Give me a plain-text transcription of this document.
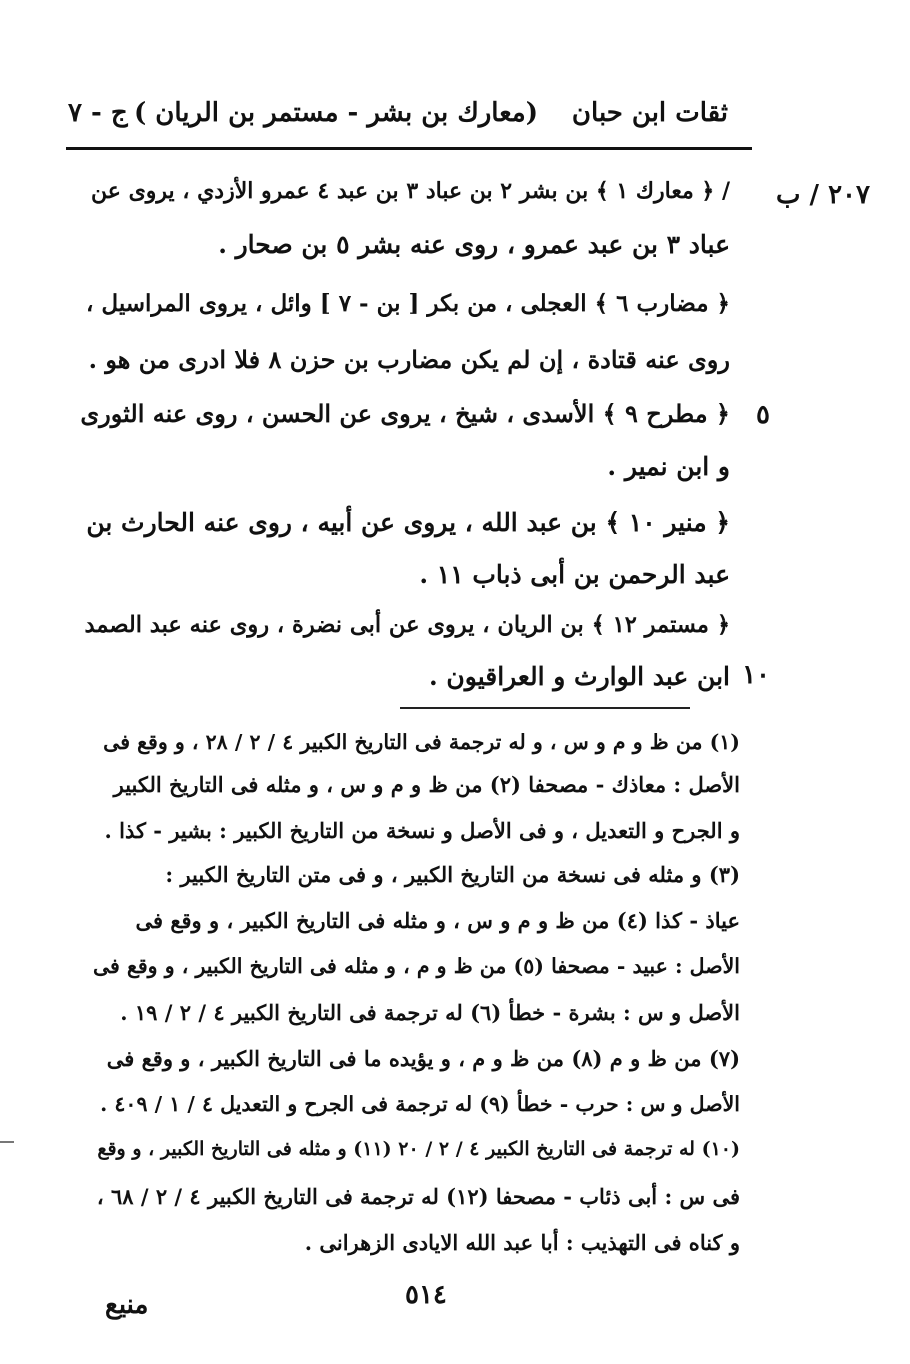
ثقات ابن حبان
(معارك بن بشر - مستمر بن الريان )
ج - ٧
٢٠٧ / ب
٥
١٠
/ ﴿ معارك ١ ﴾ بن بشر ٢ بن عباد ٣ بن عبد ٤ عمرو الأزدي ، يروى عن
عباد ٣ بن عبد عمرو ، روى عنه بشر ٥ بن صحار .
﴿ مضارب ٦ ﴾ العجلى ، من بكر [ بن - ٧ ] وائل ، يروى المراسيل ،
روى عنه قتادة ، إن لم يكن مضارب بن حزن ٨ فلا ادرى من هو .
﴿ مطرح ٩ ﴾ الأسدى ، شيخ ، يروى عن الحسن ، روى عنه الثورى
و ابن نمير .
﴿ منير ١٠ ﴾ بن عبد الله ، يروى عن أبيه ، روى عنه الحارث بن
عبد الرحمن بن أبى ذباب ١١ .
﴿ مستمر ١٢ ﴾ بن الريان ، يروى عن أبى نضرة ، روى عنه عبد الصمد
ابن عبد الوارث و العراقيون .
(١) من ظ و م و س ، و له ترجمة فى التاريخ الكبير ٤ / ٢ / ٢٨ ، و وقع فى
الأصل : معاذك - مصحفا (٢) من ظ و م و س ، و مثله فى التاريخ الكبير
و الجرح و التعديل ، و فى الأصل و نسخة من التاريخ الكبير : بشير - كذا .
(٣) و مثله فى نسخة من التاريخ الكبير ، و فى متن التاريخ الكبير :
عياذ - كذا (٤) من ظ و م و س ، و مثله فى التاريخ الكبير ، و وقع فى
الأصل : عبيد - مصحفا (٥) من ظ و م ، و مثله فى التاريخ الكبير ، و وقع فى
الأصل و س : بشرة - خطأ (٦) له ترجمة فى التاريخ الكبير ٤ / ٢ / ١٩ .
(٧) من ظ و م (٨) من ظ و م ، و يؤيده ما فى التاريخ الكبير ، و وقع فى
الأصل و س : حرب - خطأ (٩) له ترجمة فى الجرح و التعديل ٤ / ١ / ٤٠٩ .
(١٠) له ترجمة فى التاريخ الكبير ٤ / ٢ / ٢٠ (١١) و مثله فى التاريخ الكبير ، و وقع
فى س : أبى ذئاب - مصحفا (١٢) له ترجمة فى التاريخ الكبير ٤ / ٢ / ٦٨ ،
و كناه فى التهذيب : أبا عبد الله الايادى الزهرانى .
٥١٤
منيع
